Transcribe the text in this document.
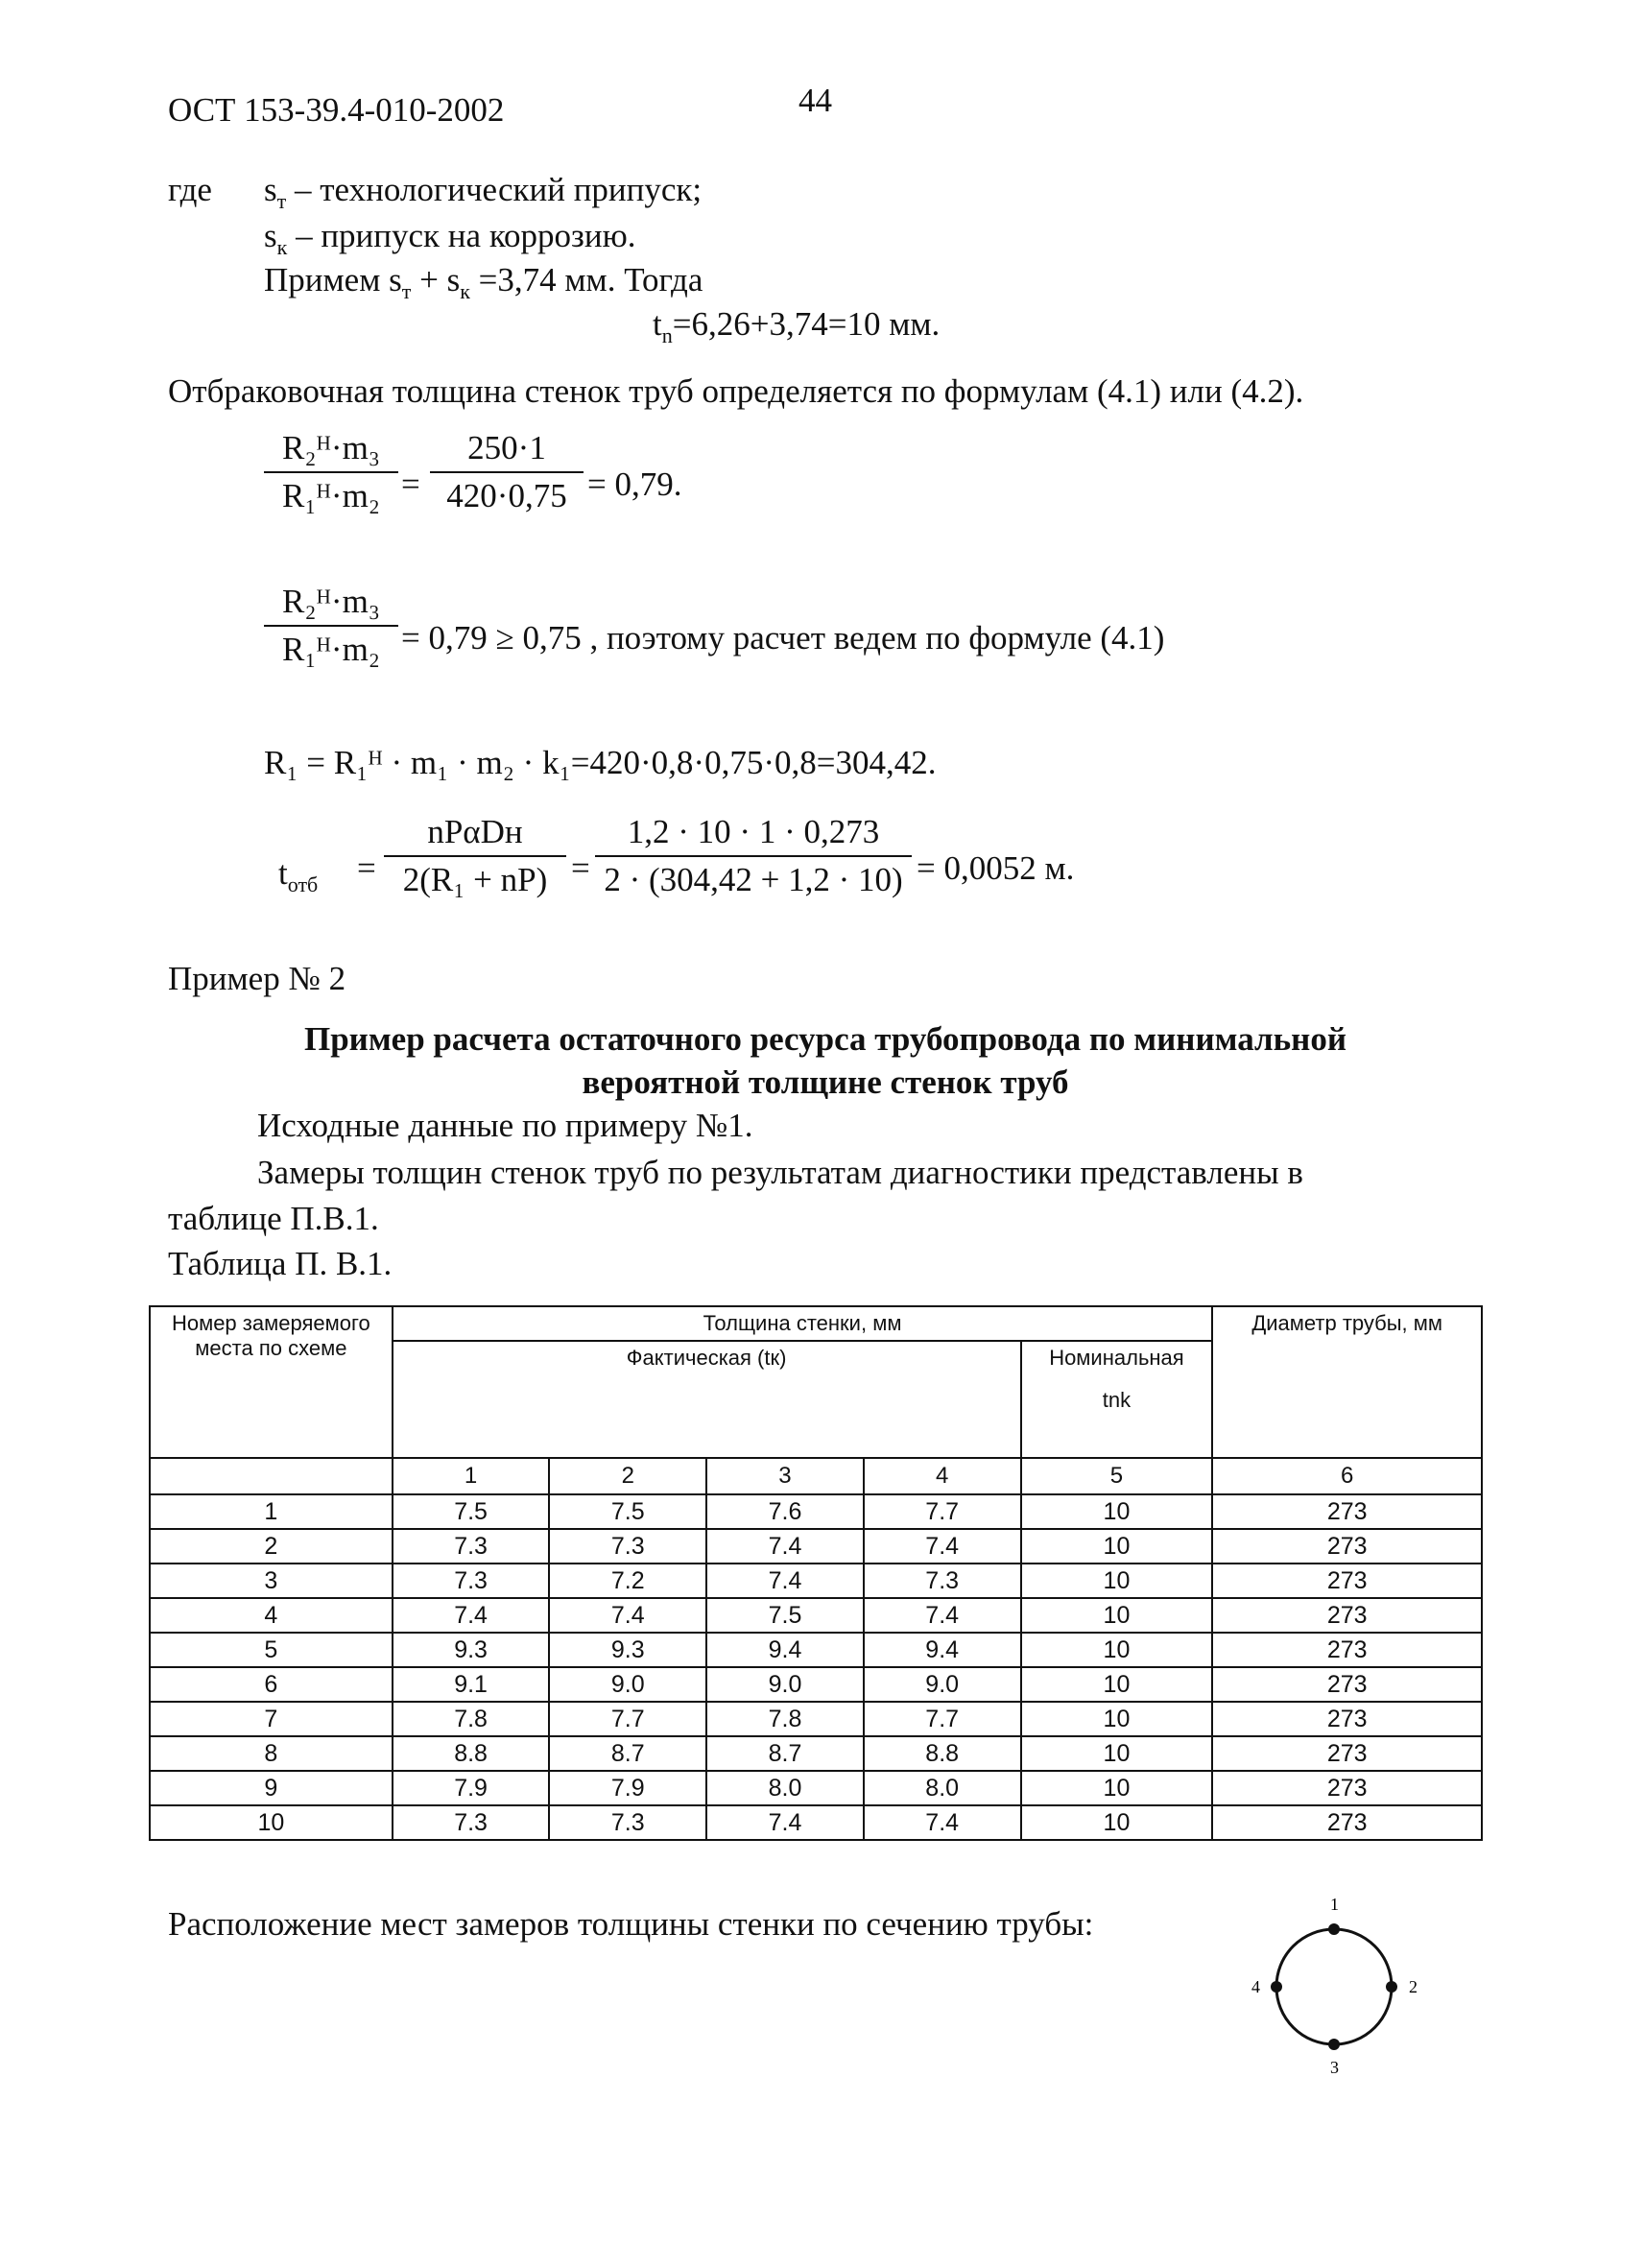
ОСТ 153-39.4-010-2002	44
где $s_т$ – технологический припуск;
$s_к$ – припуск на коррозию.
Примем $s_т + s_к =3,74$ мм. Тогда
$t_n=6,26+3,74=10$ мм.
Отбраковочная толщина стенок труб определяется по формулам (4.1) или (4.2).
R₂ᴴ·m₃
R₁ᴴ·m₂ =
250·1
420·0,75 = 0,79.
R₂ᴴ·m₃
R₁ᴴ·m₂ = 0,79 ≥ 0,75 , поэтому расчет ведем по формуле (4.1)
R₁ = R₁ᴴ · m₁ · m₂ · k₁=420·0,8·0,75·0,8=304,42.
$t_{отб}$ =
nPαDн
2(R₁ + nP) =
1,2 · 10 · 1 · 0,273
2 · (304,42 + 1,2 · 10) = 0,0052 м.
Пример № 2
Пример расчета остаточного ресурса трубопровода по минимальной
вероятной толщине стенок труб
Исходные данные по примеру №1.
Замеры толщин стенок труб по результатам диагностики представлены в
таблице П.В.1.
Таблица П. В.1.
Номер замеряемого места по схеме	Толщина стенки, мм					Диаметр трубы, мм
	Фактическая (tк)				Номинальная	
					tnk	
	1	2	3	4	5	6
1	7.5	7.5	7.6	7.7	10	273
2	7.3	7.3	7.4	7.4	10	273
3	7.3	7.2	7.4	7.3	10	273
4	7.4	7.4	7.5	7.4	10	273
5	9.3	9.3	9.4	9.4	10	273
6	9.1	9.0	9.0	9.0	10	273
7	7.8	7.7	7.8	7.7	10	273
8	8.8	8.7	8.7	8.8	10	273
9	7.9	7.9	8.0	8.0	10	273
10	7.3	7.3	7.4	7.4	10	273
Расположение мест замеров толщины стенки по сечению трубы:
1
2
3
4
